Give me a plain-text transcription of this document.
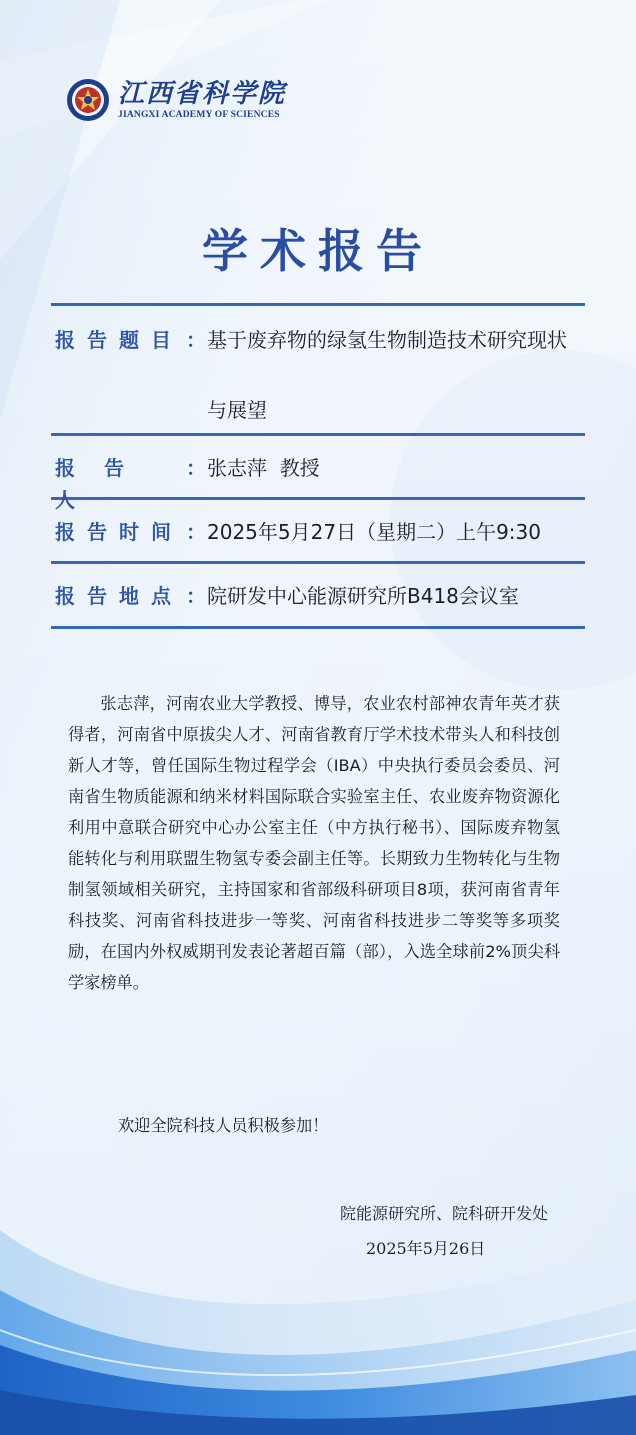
江西省科学院
JIANGXI ACADEMY OF SCIENCES
学术报告
报告题目 ： 基于废弃物的绿氢生物制造技术研究现状与展望
报告人
： 张志萍  教授
报告时间 ： 2025年5月27日（星期二）上午9:30
报告地点 ： 院研发中心能源研究所B418会议室
张志萍，河南农业大学教授、博导，农业农村部神农青年英才获得者，河南省中原拔尖人才、河南省教育厅学术技术带头人和科技创新人才等，曾任国际生物过程学会（IBA）中央执行委员会委员、河南省生物质能源和纳米材料国际联合实验室主任、农业废弃物资源化利用中意联合研究中心办公室主任（中方执行秘书）、国际废弃物氢能转化与利用联盟生物氢专委会副主任等。长期致力生物转化与生物制氢领域相关研究，主持国家和省部级科研项目8项，获河南省青年科技奖、河南省科技进步一等奖、河南省科技进步二等奖等多项奖励，在国内外权威期刊发表论著超百篇（部），入选全球前2%顶尖科学家榜单。
欢迎全院科技人员积极参加！
院能源研究所、院科研开发处
2025年5月26日
